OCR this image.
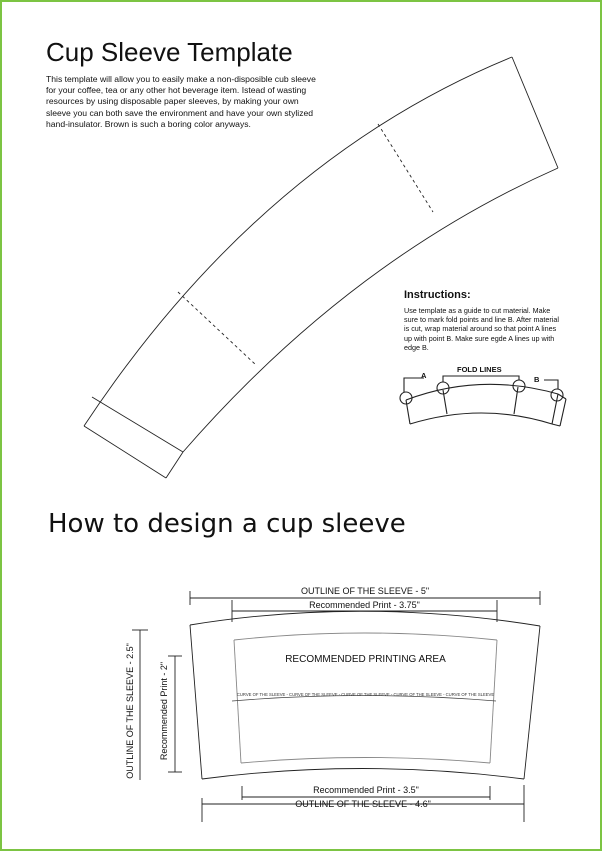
Cup Sleeve Template
This template will allow you to easily make a non-disposible cub sleeve for your coffee, tea or any other hot beverage item. Istead of wasting resources by using disposable paper sleeves, by making your own sleeve you can both save the environment and have your own stylized hand-insulator. Brown is such a boring color anyways.
Instructions:
Use template as a guide to cut material. Make sure to mark fold points and line B. After material is cut, wrap material around so that point A lines up with point B. Make sure egde A lines up with edge B.
FOLD LINES
A	B
How to design a cup sleeve
OUTLINE OF THE SLEEVE - 5"
Recommended Print - 3.75"
RECOMMENDED PRINTING AREA
CURVE OF THE SLEEVE - CURVE OF THE SLEEVE - CURVE OF THE SLEEVE - CURVE OF THE SLEEVE - CURVE OF THE SLEEVE
OUTLINE OF THE SLEEVE - 2.5"	Recommended Print - 2"
Recommended Print - 3.5"
OUTLINE OF THE SLEEVE - 4.6"
